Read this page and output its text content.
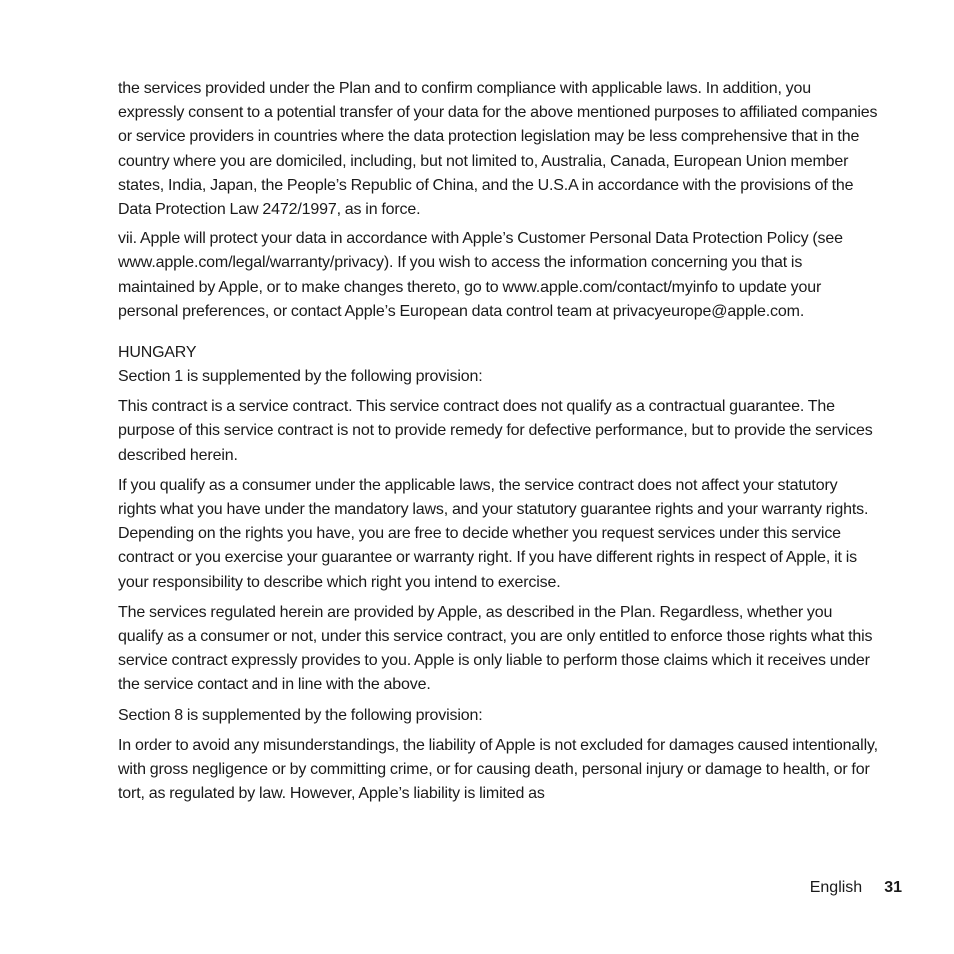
the services provided under the Plan and to confirm compliance with applicable laws. In addition, you expressly consent to a potential transfer of your data for the above mentioned purposes to affiliated companies or service providers in countries where the data protection legislation may be less comprehensive that in the country where you are domiciled, including, but not limited to, Australia, Canada, European Union member states, India, Japan, the People’s Republic of China, and the U.S.A in accordance with the provisions of the Data Protection Law 2472/1997, as in force.

vii. Apple will protect your data in accordance with Apple’s Customer Personal Data Protection Policy (see www.apple.com/legal/warranty/privacy). If you wish to access the information concerning you that is maintained by Apple, or to make changes thereto, go to www.apple.com/contact/myinfo to update your personal preferences, or contact Apple’s European data control team at privacyeurope@apple.com.

HUNGARY

Section 1 is supplemented by the following provision:

This contract is a service contract. This service contract does not qualify as a contractual guarantee. The purpose of this service contract is not to provide remedy for defective performance, but to provide the services described herein.

If you qualify as a consumer under the applicable laws, the service contract does not affect your statutory rights what you have under the mandatory laws, and your statutory guarantee rights and your warranty rights. Depending on the rights you have, you are free to decide whether you request services under this service contract or you exercise your guarantee or warranty right. If you have different rights in respect of Apple, it is your responsibility to describe which right you intend to exercise.

The services regulated herein are provided by Apple, as described in the Plan. Regardless, whether you qualify as a consumer or not, under this service contract, you are only entitled to enforce those rights what this service contract expressly provides to you. Apple is only liable to perform those claims which it receives under the service contact and in line with the above.

Section 8 is supplemented by the following provision:

In order to avoid any misunderstandings, the liability of Apple is not excluded for damages caused intentionally, with gross negligence or by committing crime, or for causing death, personal injury or damage to health, or for tort, as regulated by law. However, Apple’s liability is limited as

English 31
